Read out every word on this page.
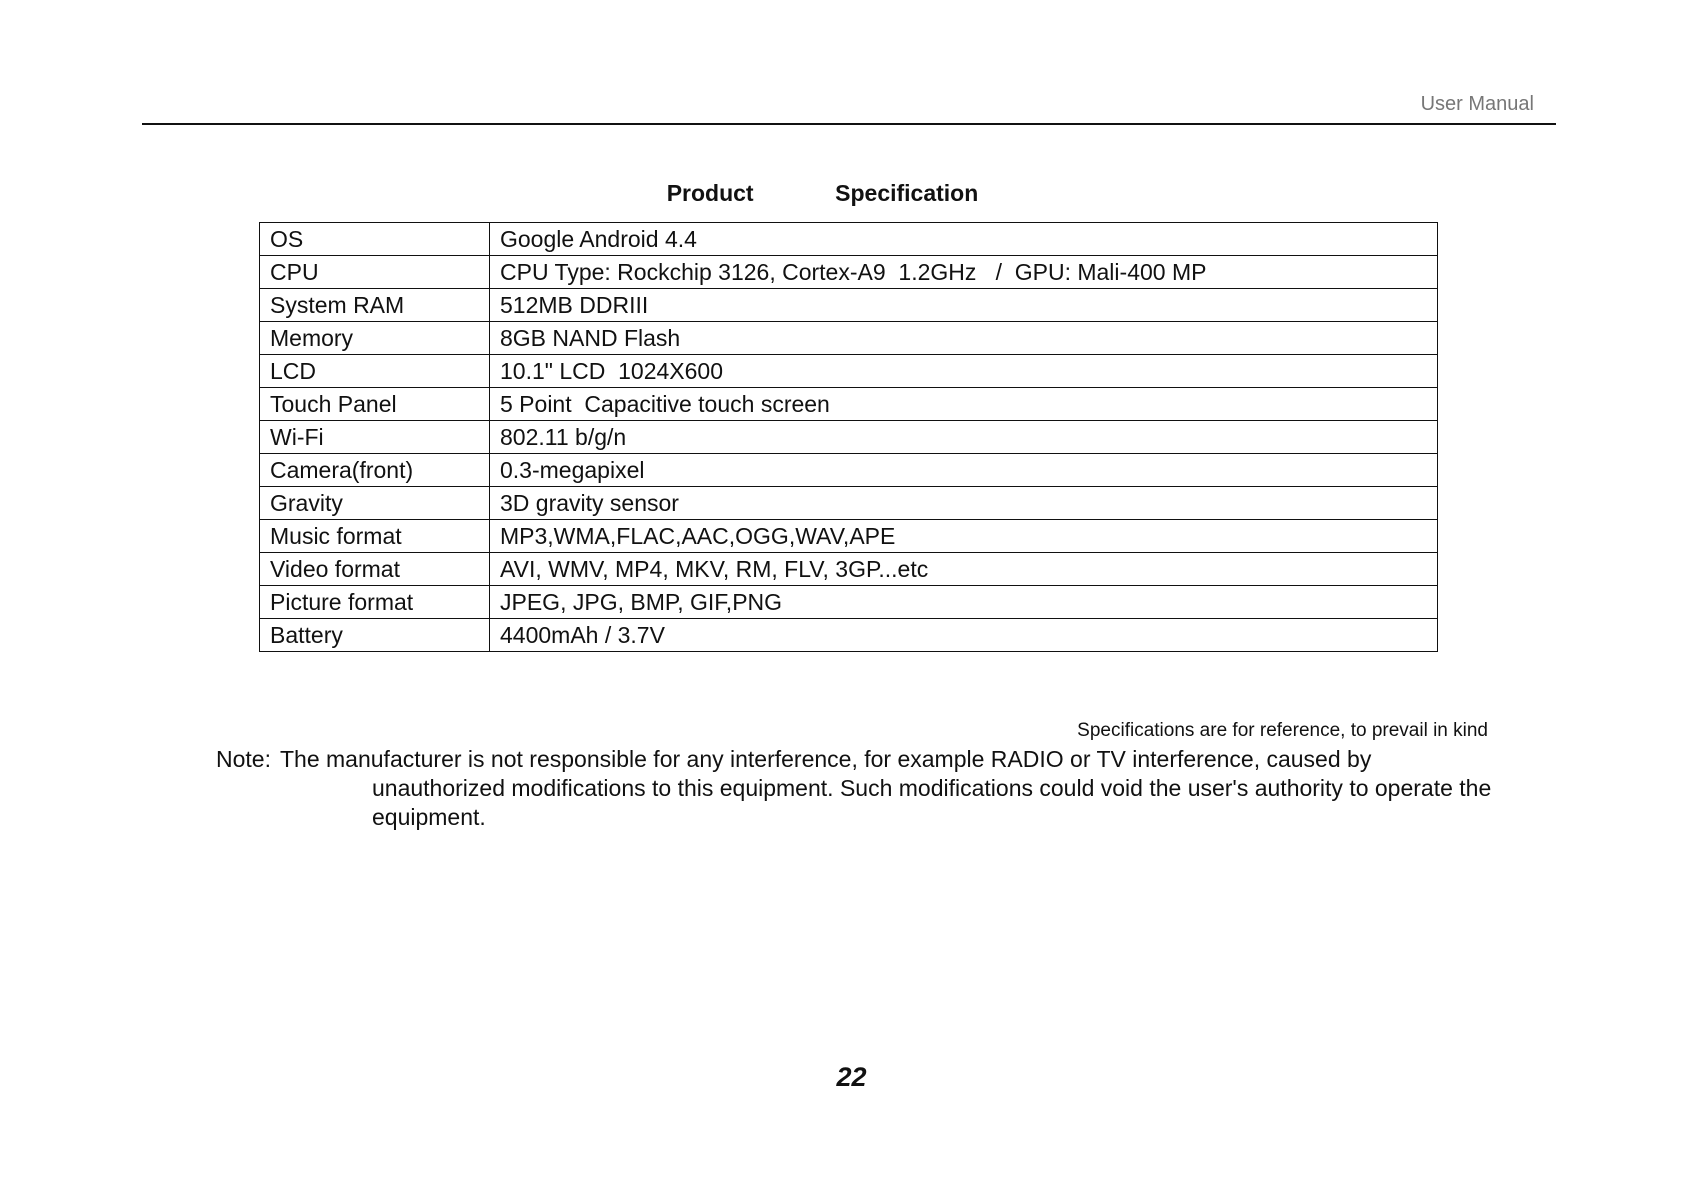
User Manual
Product    Specification
OS	Google Android 4.4
CPU	CPU Type: Rockchip 3126, Cortex-A9  1.2GHz   /  GPU: Mali-400 MP
System RAM	512MB DDRIII
Memory	8GB NAND Flash
LCD	10.1" LCD  1024X600
Touch Panel	5 Point  Capacitive touch screen
Wi-Fi	802.11 b/g/n
Camera(front)	0.3-megapixel
Gravity	3D gravity sensor
Music format	MP3,WMA,FLAC,AAC,OGG,WAV,APE
Video format	AVI, WMV, MP4, MKV, RM, FLV, 3GP...etc
Picture format	JPEG, JPG, BMP, GIF,PNG
Battery	4400mAh / 3.7V
Specifications are for reference, to prevail in kind
Note: The manufacturer is not responsible for any interference, for example RADIO or TV interference, caused by unauthorized modifications to this equipment. Such modifications could void the user's authority to operate the equipment.
22
